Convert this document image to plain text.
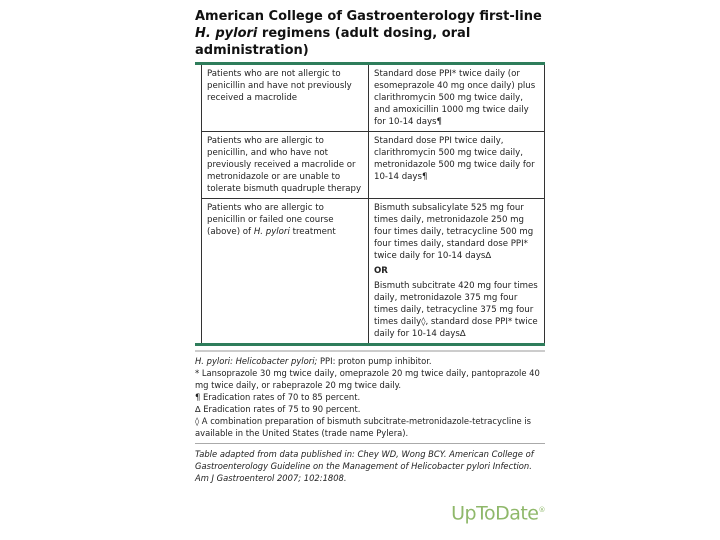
American College of Gastroenterology first-line H. pylori regimens (adult dosing, oral administration)
Patients who are not allergic to penicillin and have not previously received a macrolide	Standard dose PPI* twice daily (or esomeprazole 40 mg once daily) plus clarithromycin 500 mg twice daily, and amoxicillin 1000 mg twice daily for 10-14 days¶
Patients who are allergic to penicillin, and who have not previously received a macrolide or metronidazole or are unable to tolerate bismuth quadruple therapy	Standard dose PPI twice daily, clarithromycin 500 mg twice daily, metronidazole 500 mg twice daily for 10-14 days¶
Patients who are allergic to penicillin or failed one course (above) of H. pylori treatment	Bismuth subsalicylate 525 mg four times daily, metronidazole 250 mg four times daily, tetracycline 500 mg four times daily, standard dose PPI* twice daily for 10-14 days∆
OR
Bismuth subcitrate 420 mg four times daily, metronidazole 375 mg four times daily, tetracycline 375 mg four times daily◊, standard dose PPI* twice daily for 10-14 days∆
H. pylori: Helicobacter pylori; PPI: proton pump inhibitor.
* Lansoprazole 30 mg twice daily, omeprazole 20 mg twice daily, pantoprazole 40 mg twice daily, or rabeprazole 20 mg twice daily.
¶ Eradication rates of 70 to 85 percent.
∆ Eradication rates of 75 to 90 percent.
◊ A combination preparation of bismuth subcitrate-metronidazole-tetracycline is available in the United States (trade name Pylera).
Table adapted from data published in: Chey WD, Wong BCY. American College of Gastroenterology Guideline on the Management of Helicobacter pylori Infection. Am J Gastroenterol 2007; 102:1808.
UpToDate®
